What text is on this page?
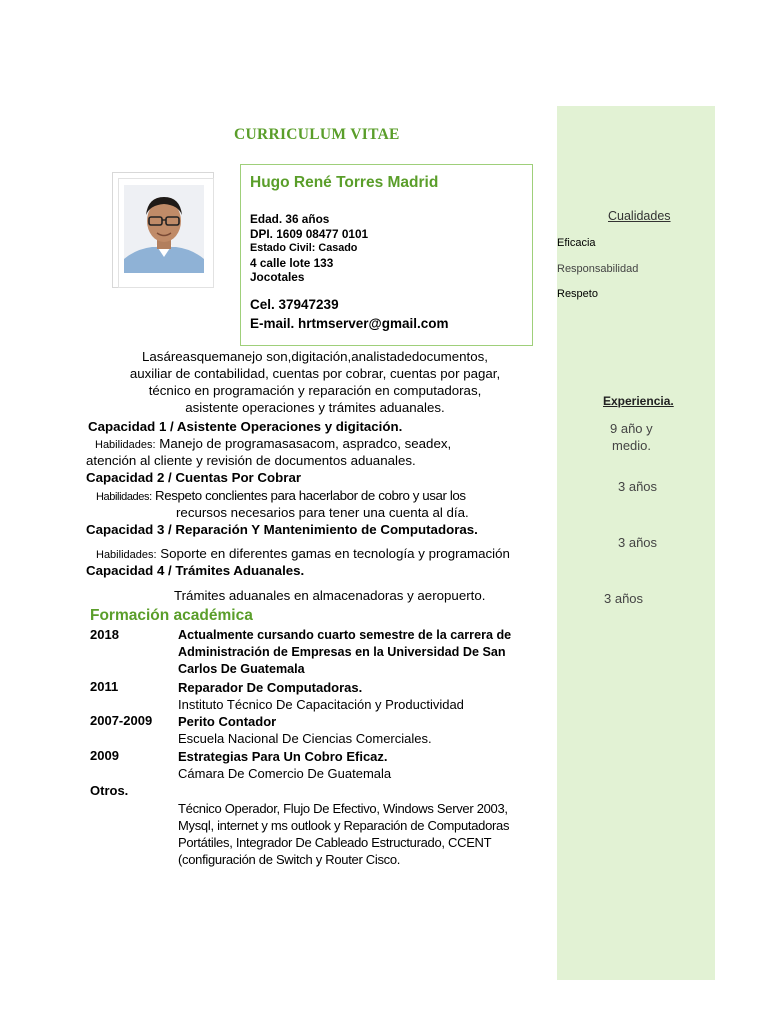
CURRICULUM VITAE
Hugo René Torres Madrid
Edad. 36 años
DPI. 1609 08477 0101
Estado Civil: Casado
4 calle lote 133
Jocotales
Cel. 37947239
E-mail. hrtmserver@gmail.com
Lasáreasquemanejo son,digitación,analistadedocumentos,
auxiliar de contabilidad, cuentas por cobrar, cuentas por pagar,
técnico en programación y reparación en computadoras,
asistente operaciones y trámites aduanales.
Capacidad 1 / Asistente Operaciones y digitación.
Habilidades: Manejo de programasasacom, aspradco, seadex,
atención al cliente y revisión de documentos aduanales.
Capacidad 2 / Cuentas Por Cobrar
Habilidades: Respeto conclientes para hacerlabor de cobro y usar los
recursos necesarios para tener una cuenta al día.
Capacidad 3 / Reparación Y Mantenimiento de Computadoras.
Habilidades: Soporte en diferentes gamas en tecnología y programación
Capacidad 4 / Trámites Aduanales.
Trámites aduanales en almacenadoras y aeropuerto.
Formación académica
2018	Actualmente cursando cuarto semestre de la carrera de
Administración de Empresas en la Universidad De San
Carlos De Guatemala
2011	Reparador De Computadoras.
Instituto Técnico De Capacitación y Productividad
2007-2009 Perito Contador
Escuela Nacional De Ciencias Comerciales.
2009	Estrategias Para Un Cobro Eficaz.
Cámara De Comercio De Guatemala
Otros.
Técnico Operador, Flujo De Efectivo, Windows Server 2003,
Mysql, internet y ms outlook y Reparación de Computadoras
Portátiles, Integrador De Cableado Estructurado, CCENT
(configuración de Switch y Router Cisco.
Cualidades
Eficacia
Responsabilidad
Respeto
Experiencia.
9 año y
medio.
3 años
3 años
3 años
